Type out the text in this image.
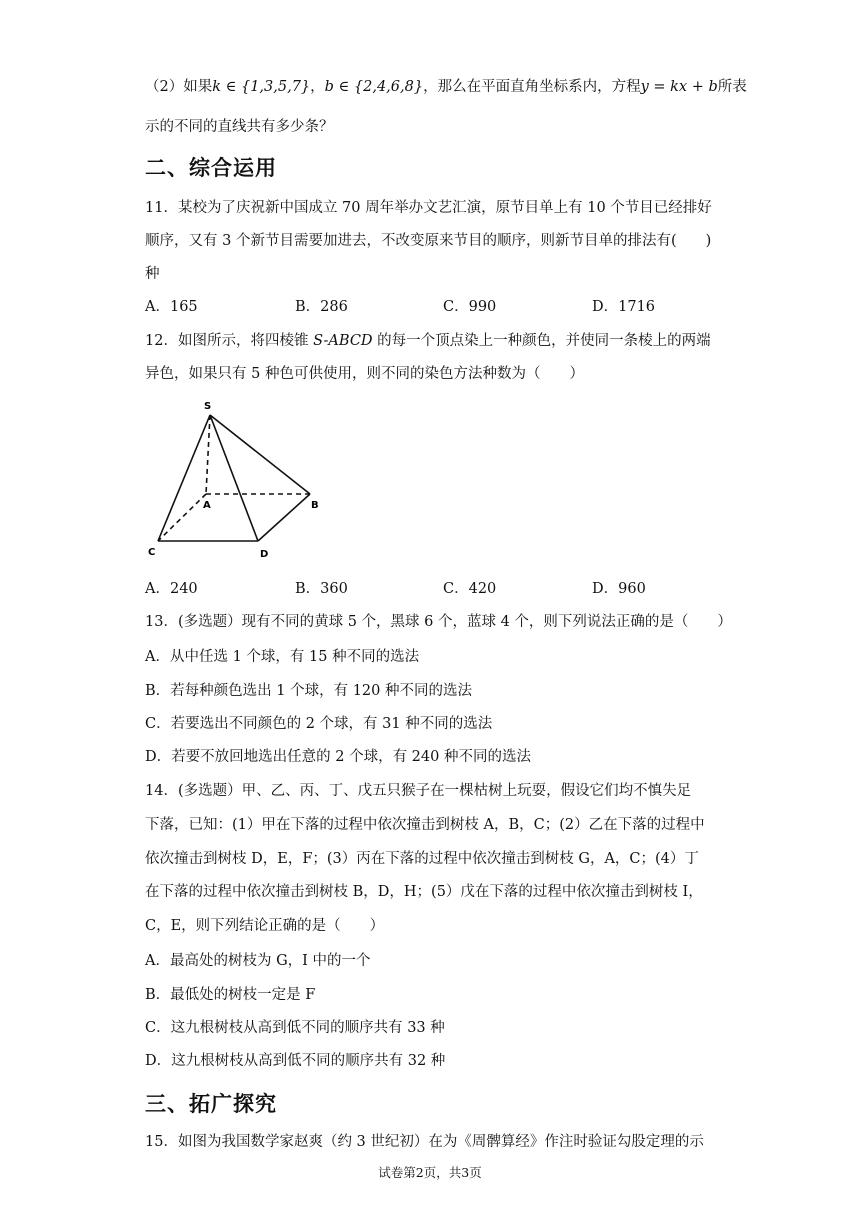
（2）如果k ∈ {1,3,5,7}，b ∈ {2,4,6,8}，那么在平面直角坐标系内，方程y = kx + b所表
示的不同的直线共有多少条？
二、综合运用
11．某校为了庆祝新中国成立 70 周年举办文艺汇演，原节目单上有 10 个节目已经排好
顺序，又有 3 个新节目需要加进去，不改变原来节目的顺序，则新节目单的排法有(　　)
种
A．165	B．286	C．990	D．1716
12．如图所示，将四棱锥 S-ABCD 的每一个顶点染上一种颜色，并使同一条棱上的两端
异色，如果只有 5 种色可供使用，则不同的染色方法种数为（　　）
S
A	B
C	D
A．240	B．360	C．420	D．960
13．(多选题）现有不同的黄球 5 个，黑球 6 个，蓝球 4 个，则下列说法正确的是（　　）
A．从中任选 1 个球，有 15 种不同的选法
B．若每种颜色选出 1 个球，有 120 种不同的选法
C．若要选出不同颜色的 2 个球，有 31 种不同的选法
D．若要不放回地选出任意的 2 个球，有 240 种不同的选法
14．(多选题）甲、乙、丙、丁、戊五只猴子在一棵枯树上玩耍，假设它们均不慎失足
下落，已知：(1）甲在下落的过程中依次撞击到树枝 A，B，C；(2）乙在下落的过程中
依次撞击到树枝 D，E，F；(3）丙在下落的过程中依次撞击到树枝 G，A，C；(4）丁
在下落的过程中依次撞击到树枝 B，D，H；(5）戊在下落的过程中依次撞击到树枝 I，
C，E，则下列结论正确的是（　　）
A．最高处的树枝为 G，I 中的一个
B．最低处的树枝一定是 F
C．这九根树枝从高到低不同的顺序共有 33 种
D．这九根树枝从高到低不同的顺序共有 32 种
三、拓广探究
15．如图为我国数学家赵爽（约 3 世纪初）在为《周髀算经》作注时验证勾股定理的示
试卷第2页，共3页
